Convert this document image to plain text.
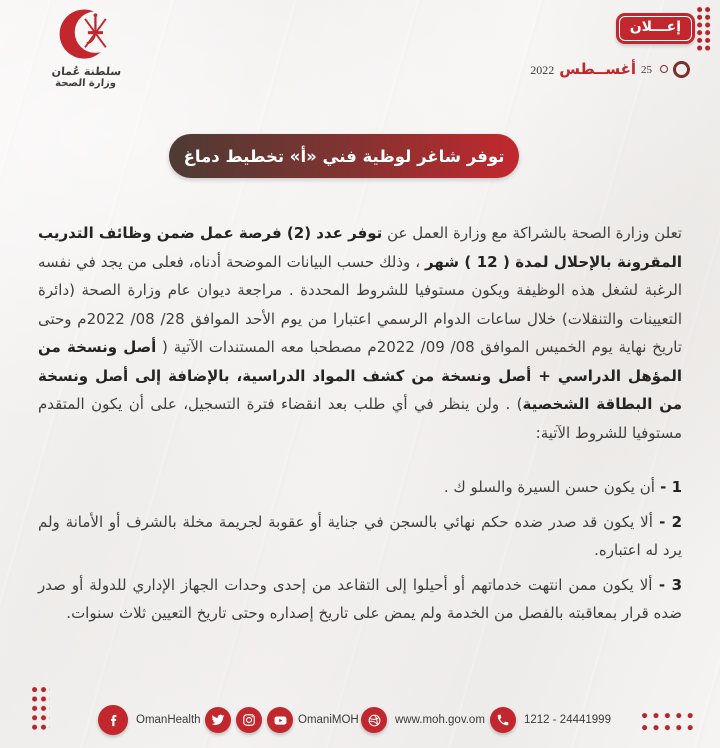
سلطنة عُمان
وزارة الصحة
إعـــلان
25
أغســطس
2022
توفر شاغر لوظية فني «أ» تخطيط دماغ

تعلن وزارة الصحة بالشراكة مع وزارة العمل عن توفر عدد (2) فرصة عمل ضمن وظائف التدريب المقرونة بالإحلال لمدة ( 12 ) شهر ، وذلك حسب البيانات الموضحة أدناه، فعلى من يجد في نفسه الرغبة لشغل هذه الوظيفة ويكون مستوفيا للشروط المحددة . مراجعة ديوان عام وزارة الصحة (دائرة التعيينات والتنقلات) خلال ساعات الدوام الرسمي اعتبارا من يوم الأحد الموافق 28/ 08/ 2022م وحتى تاريخ نهاية يوم الخميس الموافق 08/ 09/ 2022م مصطحبا معه المستندات الآتية ( أصل ونسخة من المؤهل الدراسي + أصل ونسخة من كشف المواد الدراسية، بالإضافة إلى أصل ونسخة من البطاقة الشخصية) . ولن ينظر في أي طلب بعد انقضاء فترة التسجيل، على أن يكون المتقدم مستوفيا للشروط الآتية:

1 - أن يكون حسن السيرة والسلو ك .
2 - ألا يكون قد صدر ضده حكم نهائي بالسجن في جناية أو عقوبة لجريمة مخلة بالشرف أو الأمانة ولم يرد له اعتباره.
3 - ألا يكون ممن انتهت خدماتهم أو أحيلوا إلى التقاعد من إحدى وحدات الجهاز الإداري للدولة أو صدر ضده قرار بمعاقبته بالفصل من الخدمة ولم يمض على تاريخ إصداره وحتى تاريخ التعيين ثلاث سنوات.
OmanHealth	OmaniMOH	www.moh.gov.om	1212 - 24441999
